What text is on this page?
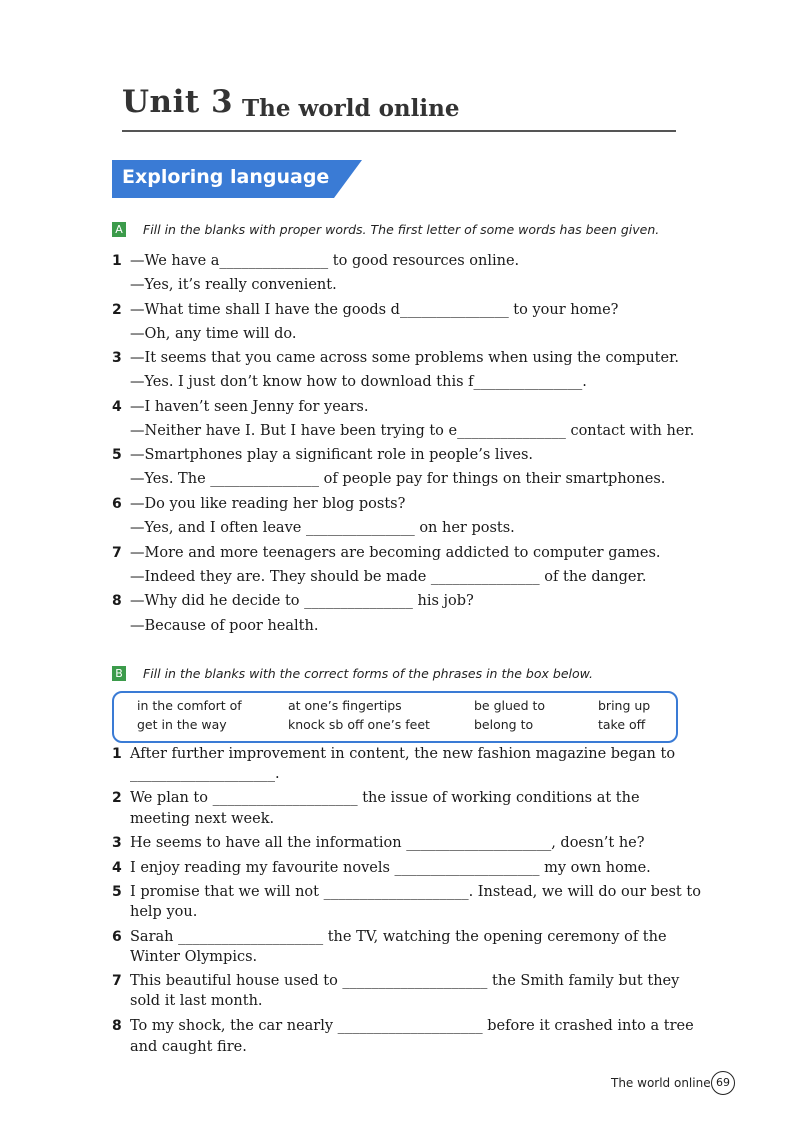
Unit 3 The world online
Exploring language
A Fill in the blanks with proper words. The first letter of some words has been given.
1 —We have a_______________ to good resources online.
—Yes, it’s really convenient.
2 —What time shall I have the goods d_______________ to your home?
—Oh, any time will do.
3 —It seems that you came across some problems when using the computer.
—Yes. I just don’t know how to download this f_______________.
4 —I haven’t seen Jenny for years.
—Neither have I. But I have been trying to e_______________ contact with her.
5 —Smartphones play a significant role in people’s lives.
—Yes. The _______________ of people pay for things on their smartphones.
6 —Do you like reading her blog posts?
—Yes, and I often leave _______________ on her posts.
7 —More and more teenagers are becoming addicted to computer games.
—Indeed they are. They should be made _______________ of the danger.
8 —Why did he decide to _______________ his job?
—Because of poor health.
B Fill in the blanks with the correct forms of the phrases in the box below.
in the comfort of	at one’s fingertips	be glued to	bring up
get in the way	knock sb off one’s feet	belong to	take off
1 After further improvement in content, the new fashion magazine began to
____________________.
2 We plan to ____________________ the issue of working conditions at the
meeting next week.
3 He seems to have all the information ____________________, doesn’t he?
4 I enjoy reading my favourite novels ____________________ my own home.
5 I promise that we will not ____________________. Instead, we will do our best to
help you.
6 Sarah ____________________ the TV, watching the opening ceremony of the
Winter Olympics.
7 This beautiful house used to ____________________ the Smith family but they
sold it last month.
8 To my shock, the car nearly ____________________ before it crashed into a tree
and caught fire.
The world online 69
